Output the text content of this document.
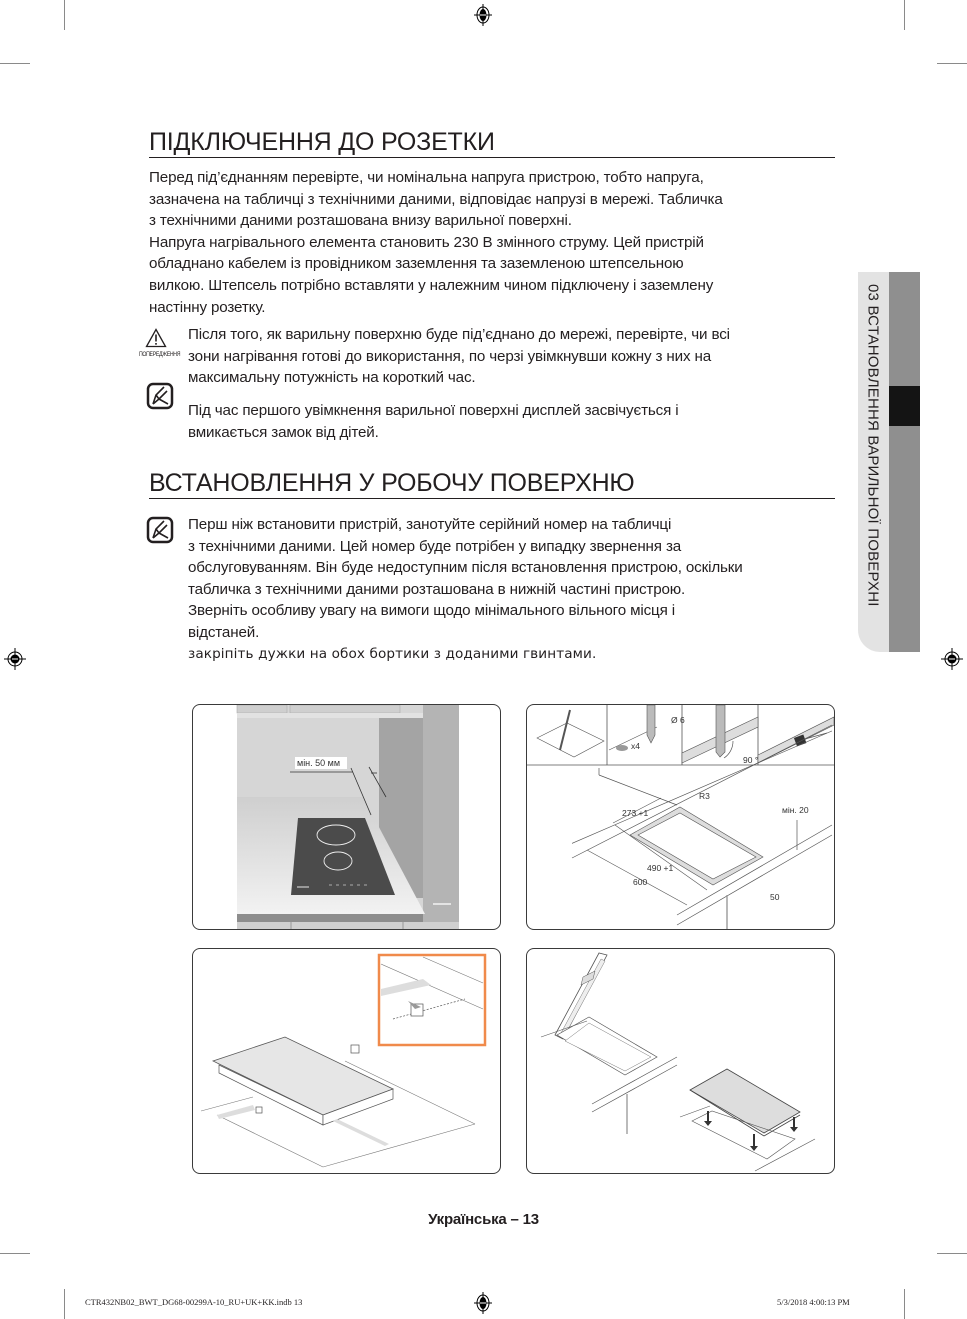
03 ВСТАНОВЛЕННЯ ВАРИЛЬНОЇ ПОВЕРХНІ
ПІДКЛЮЧЕННЯ ДО РОЗЕТКИ

Перед під’єднанням перевірте, чи номінальна напруга пристрою, тобто напруга,

зазначена на табличці з технічними даними, відповідає напрузі в мережі. Табличка

з технічними даними розташована внизу варильної поверхні.

Напруга нагрівального елемента становить 230 В змінного струму. Цей пристрій

обладнано кабелем із провідником заземлення та заземленою штепсельною

вилкою. Штепсель потрібно вставляти у належним чином підключену і заземлену

настінну розетку.

ПОПЕРЕДЖЕННЯ

Після того, як варильну поверхню буде під’єднано до мережі, перевірте, чи всі

зони нагрівання готові до використання, по черзі увімкнувши кожну з них на

максимальну потужність на короткий час.

Під час першого увімкнення варильної поверхні дисплей засвічується і

вмикається замок від дітей.

ВСТАНОВЛЕННЯ У РОБОЧУ ПОВЕРХНЮ

Перш ніж встановити пристрій, занотуйте серійний номер на табличці

з технічними даними. Цей номер буде потрібен у випадку звернення за

обслуговуванням. Він буде недоступним після встановлення пристрою, оскільки

табличка з технічними даними розташована в нижній частині пристрою.

Зверніть особливу увагу на вимоги щодо мінімального вільного місця і

відстаней.

закріпіть дужки на обох бортики з доданими гвинтами.

мін. 50 мм
Ø 6
x4
90 °
273 +1
R3
мін. 20
490 +1
600
50
Українська – 13
CTR432NB02_BWT_DG68-00299A-10_RU+UK+KK.indb 13	5/3/2018 4:00:13 PM
